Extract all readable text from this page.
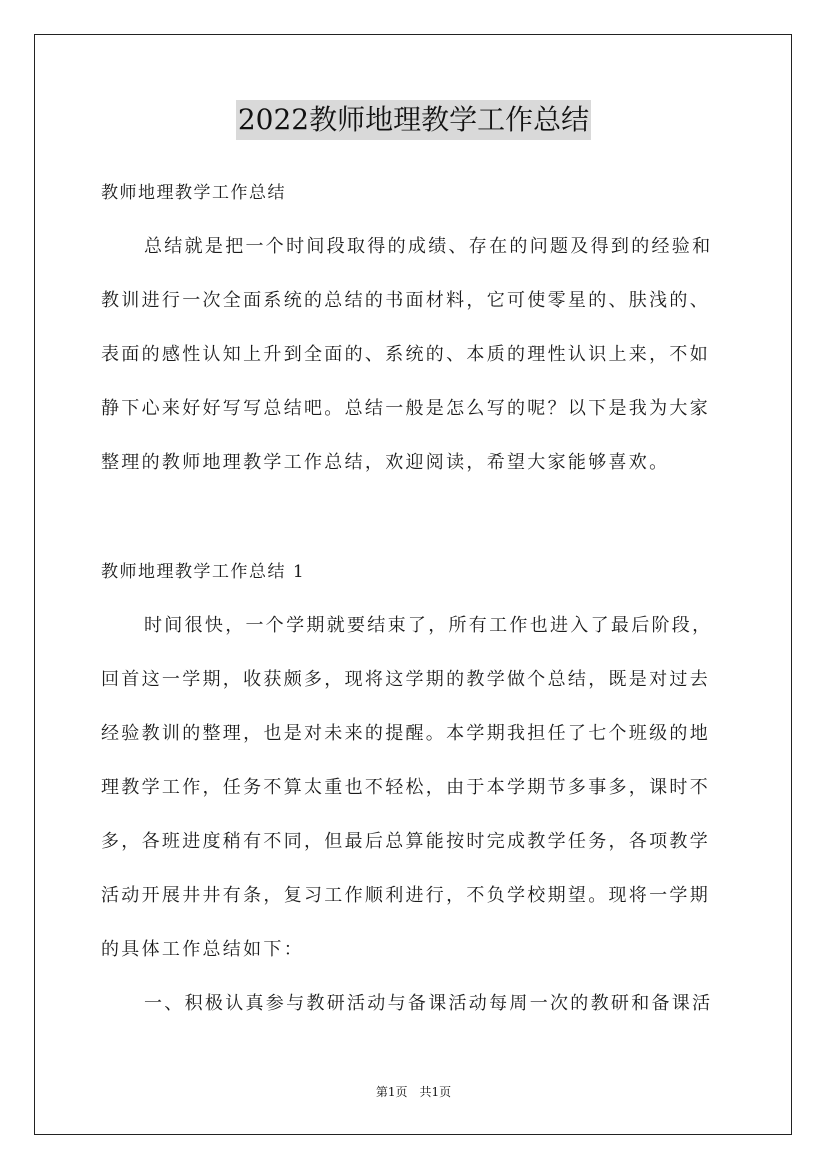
2022教师地理教学工作总结
教师地理教学工作总结
总结就是把一个时间段取得的成绩、存在的问题及得到的经验和
教训进行一次全面系统的总结的书面材料，它可使零星的、肤浅的、
表面的感性认知上升到全面的、系统的、本质的理性认识上来，不如
静下心来好好写写总结吧。总结一般是怎么写的呢？以下是我为大家
整理的教师地理教学工作总结，欢迎阅读，希望大家能够喜欢。
教师地理教学工作总结 1
时间很快，一个学期就要结束了，所有工作也进入了最后阶段，
回首这一学期，收获颇多，现将这学期的教学做个总结，既是对过去
经验教训的整理，也是对未来的提醒。本学期我担任了七个班级的地
理教学工作，任务不算太重也不轻松，由于本学期节多事多，课时不
多，各班进度稍有不同，但最后总算能按时完成教学任务，各项教学
活动开展井井有条，复习工作顺利进行，不负学校期望。现将一学期
的具体工作总结如下：
一、积极认真参与教研活动与备课活动每周一次的教研和备课活
第1页　共1页
